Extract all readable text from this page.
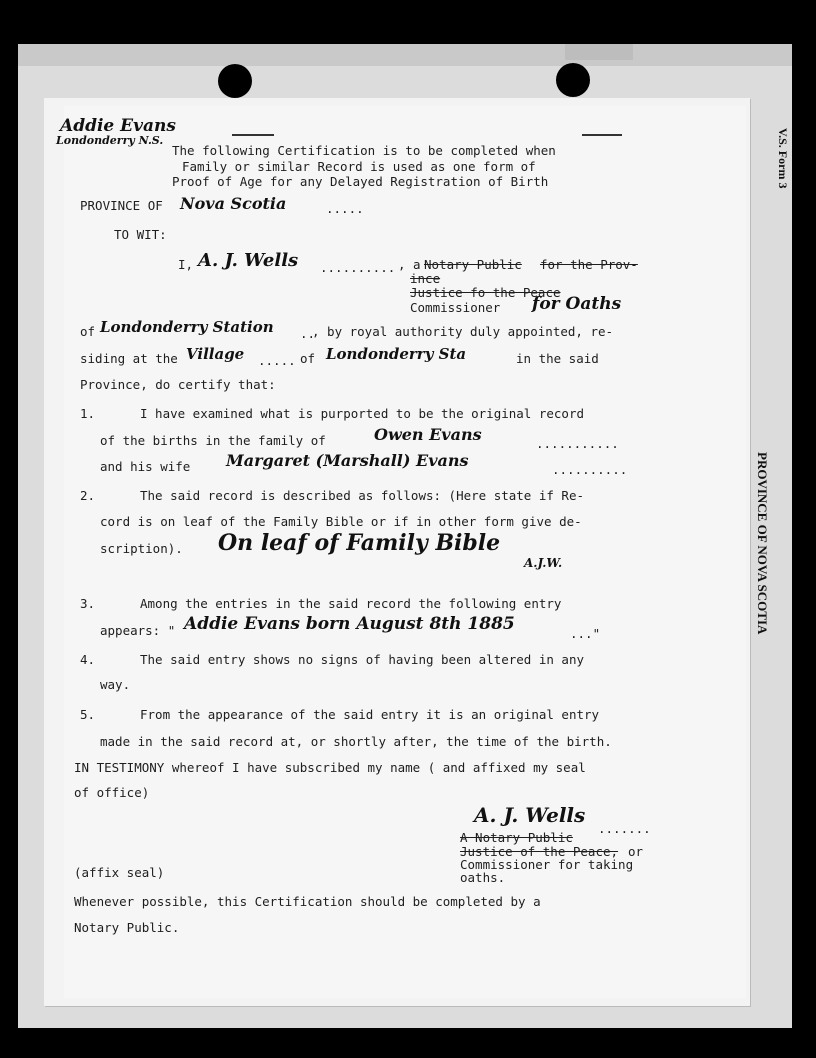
V.S. Form 3
PROVINCE OF NOVA SCOTIA
Addie Evans
Londonderry N.S.
The following Certification is to be completed when
Family or similar Record is used as one form of
Proof of Age for any Delayed Registration of Birth
PROVINCE OF Nova Scotia	.....
TO WIT:
I, A. J. Wells .......... , a Notary Public for the Prov-
ince
Justice fo the Peace
Commissioner for Oaths
of Londonderry Station ..
, by royal authority duly appointed, re-
siding at the Village ..... of Londonderry Sta	in the said
Province, do certify that:
1.	I have examined what is purported to be the original record
of the births in the family of	Owen Evans	...........
and his wife Margaret (Marshall) Evans	..........
2.	The said record is described as follows: (Here state if Re-
cord is on leaf of the Family Bible or if in other form give de-
scription). On leaf of Family Bible
A.J.W.
3.	Among the entries in the said record the following entry
appears: " Addie Evans born August 8th 1885	..."
4.	The said entry shows no signs of having been altered in any
way.
5.	From the appearance of the said entry it is an original entry
made in the said record at, or shortly after, the time of the birth.
IN TESTIMONY whereof I have subscribed my name ( and affixed my seal
of office)
A. J. Wells
.......
A Notary Public
Justice of the Peace, or
Commissioner for taking
oaths.
(affix seal)
Whenever possible, this Certification should be completed by a
Notary Public.
